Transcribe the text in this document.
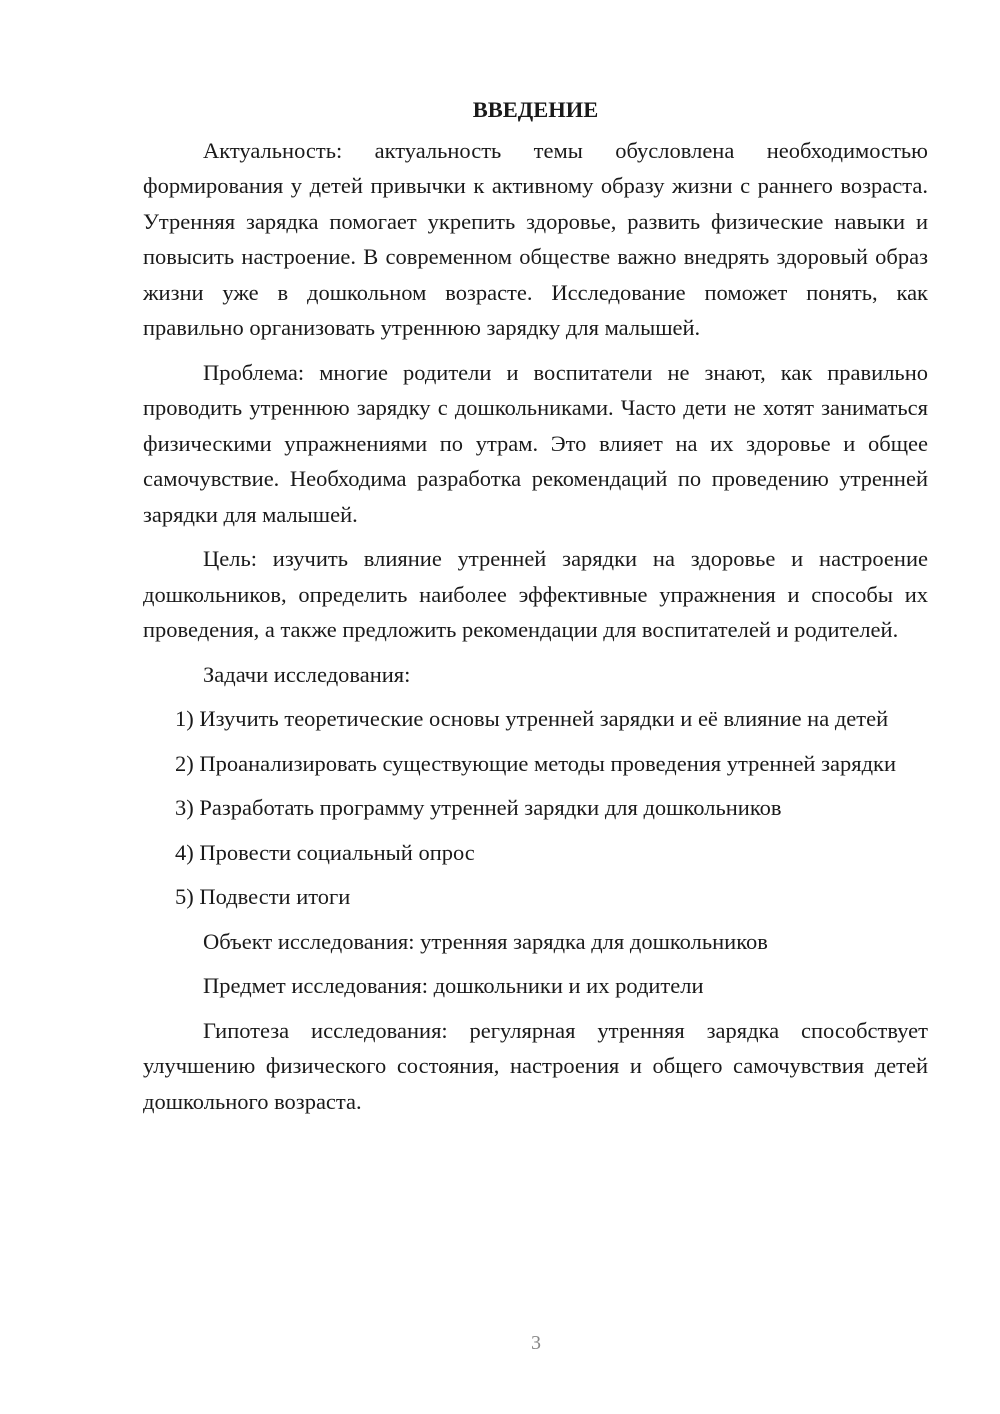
ВВЕДЕНИЕ

Актуальность: актуальность темы обусловлена необходимостью формирования у детей привычки к активному образу жизни с раннего возраста. Утренняя зарядка помогает укрепить здоровье, развить физические навыки и повысить настроение. В современном обществе важно внедрять здоровый образ жизни уже в дошкольном возрасте. Исследование поможет понять, как правильно организовать утреннюю зарядку для малышей.

Проблема: многие родители и воспитатели не знают, как правильно проводить утреннюю зарядку с дошкольниками. Часто дети не хотят заниматься физическими упражнениями по утрам. Это влияет на их здоровье и общее самочувствие. Необходима разработка рекомендаций по проведению утренней зарядки для малышей.

Цель: изучить влияние утренней зарядки на здоровье и настроение дошкольников, определить наиболее эффективные упражнения и способы их проведения, а также предложить рекомендации для воспитателей и родителей.

Задачи исследования:

1) Изучить теоретические основы утренней зарядки и её влияние на детей

2) Проанализировать существующие методы проведения утренней зарядки

3) Разработать программу утренней зарядки для дошкольников

4) Провести социальный опрос

5) Подвести итоги

Объект исследования: утренняя зарядка для дошкольников

Предмет исследования: дошкольники и их родители

Гипотеза исследования: регулярная утренняя зарядка способствует улучшению физического состояния, настроения и общего самочувствия детей дошкольного возраста.

3
